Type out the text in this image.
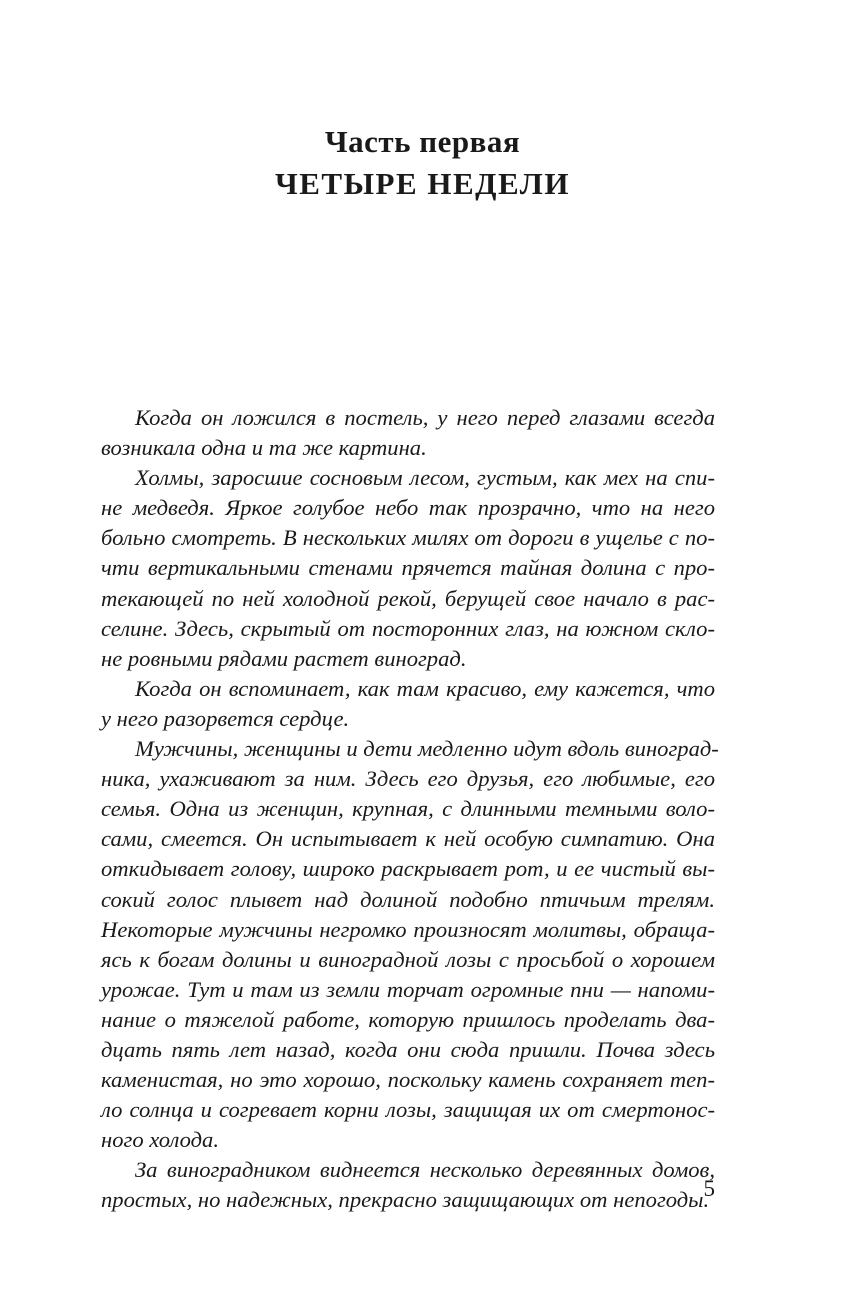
Часть первая
ЧЕТЫРЕ НЕДЕЛИ

Когда он ложился в постель, у него перед глазами всегда
возникала одна и та же картина.

Холмы, заросшие сосновым лесом, густым, как мех на спи-
не медведя. Яркое голубое небо так прозрачно, что на него
больно смотреть. В нескольких милях от дороги в ущелье с по-
чти вертикальными стенами прячется тайная долина с про-
текающей по ней холодной рекой, берущей свое начало в рас-
селине. Здесь, скрытый от посторонних глаз, на южном скло-
не ровными рядами растет виноград.

Когда он вспоминает, как там красиво, ему кажется, что
у него разорвется сердце.

Мужчины, женщины и дети медленно идут вдоль виноград-
ника, ухаживают за ним. Здесь его друзья, его любимые, его
семья. Одна из женщин, крупная, с длинными темными воло-
сами, смеется. Он испытывает к ней особую симпатию. Она
откидывает голову, широко раскрывает рот, и ее чистый вы-
сокий голос плывет над долиной подобно птичьим трелям.
Некоторые мужчины негромко произносят молитвы, обраща-
ясь к богам долины и виноградной лозы с просьбой о хорошем
урожае. Тут и там из земли торчат огромные пни — напоми-
нание о тяжелой работе, которую пришлось проделать два-
дцать пять лет назад, когда они сюда пришли. Почва здесь
каменистая, но это хорошо, поскольку камень сохраняет теп-
ло солнца и согревает корни лозы, защищая их от смертонос-
ного холода.

За виноградником виднеется несколько деревянных домов,
простых, но надежных, прекрасно защищающих от непогоды.

5
